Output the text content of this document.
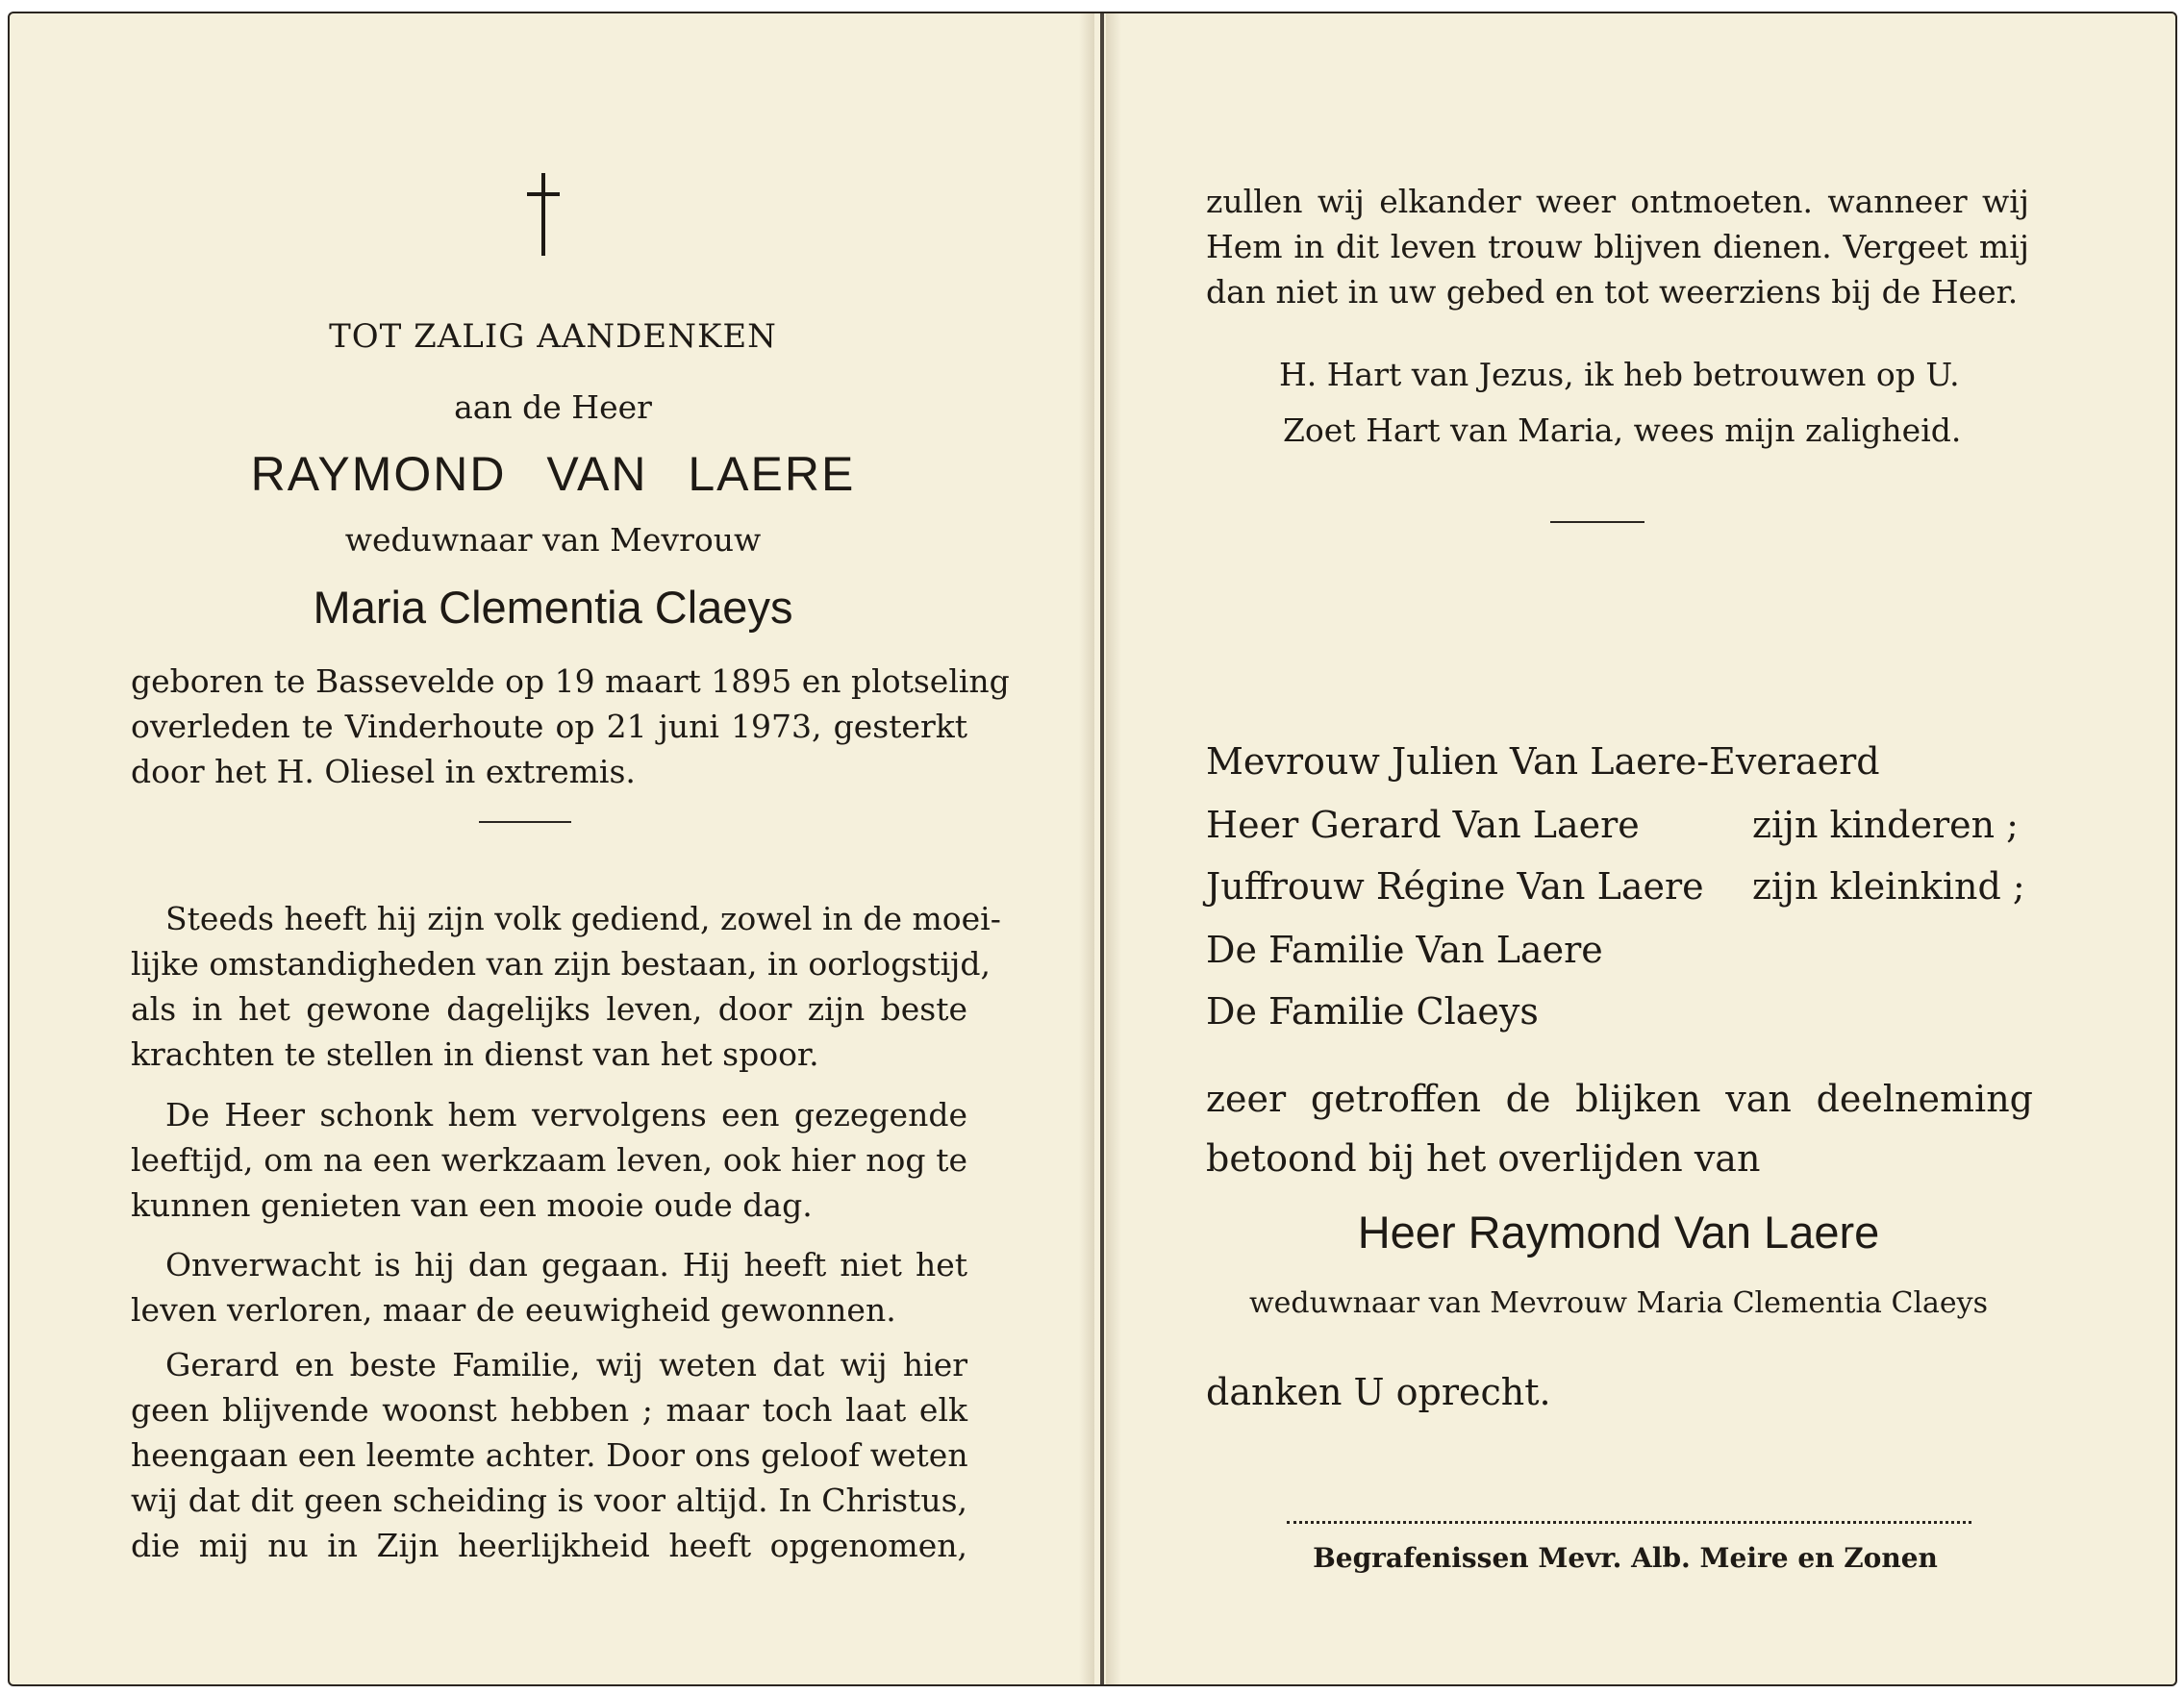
TOT ZALIG AANDENKEN
aan de Heer
RAYMOND VAN LAERE
weduwnaar van Mevrouw
Maria Clementia Claeys
geboren te Bassevelde op 19 maart 1895 en plotseling
overleden te Vinderhoute op 21 juni 1973, gesterkt
door het H. Oliesel in extremis.
Steeds heeft hij zijn volk gediend, zowel in de moei-
lijke omstandigheden van zijn bestaan, in oorlogstijd,
als in het gewone dagelijks leven, door zijn beste
krachten te stellen in dienst van het spoor.
De Heer schonk hem vervolgens een gezegende
leeftijd, om na een werkzaam leven, ook hier nog te
kunnen genieten van een mooie oude dag.
Onverwacht is hij dan gegaan. Hij heeft niet het
leven verloren, maar de eeuwigheid gewonnen.
Gerard en beste Familie, wij weten dat wij hier
geen blijvende woonst hebben ; maar toch laat elk
heengaan een leemte achter. Door ons geloof weten
wij dat dit geen scheiding is voor altijd. In Christus,
die mij nu in Zijn heerlijkheid heeft opgenomen,
zullen wij elkander weer ontmoeten. wanneer wij
Hem in dit leven trouw blijven dienen. Vergeet mij
dan niet in uw gebed en tot weerziens bij de Heer.
H. Hart van Jezus, ik heb betrouwen op U.
Zoet Hart van Maria, wees mijn zaligheid.
Mevrouw Julien Van Laere-Everaerd
Heer Gerard Van Laere	zijn kinderen ;
Juffrouw Régine Van Laere zijn kleinkind ;
De Familie Van Laere
De Familie Claeys
zeer getroffen de blijken van deelneming
betoond bij het overlijden van
Heer Raymond Van Laere
weduwnaar van Mevrouw Maria Clementia Claeys
danken U oprecht.
Begrafenissen Mevr. Alb. Meire en Zonen
